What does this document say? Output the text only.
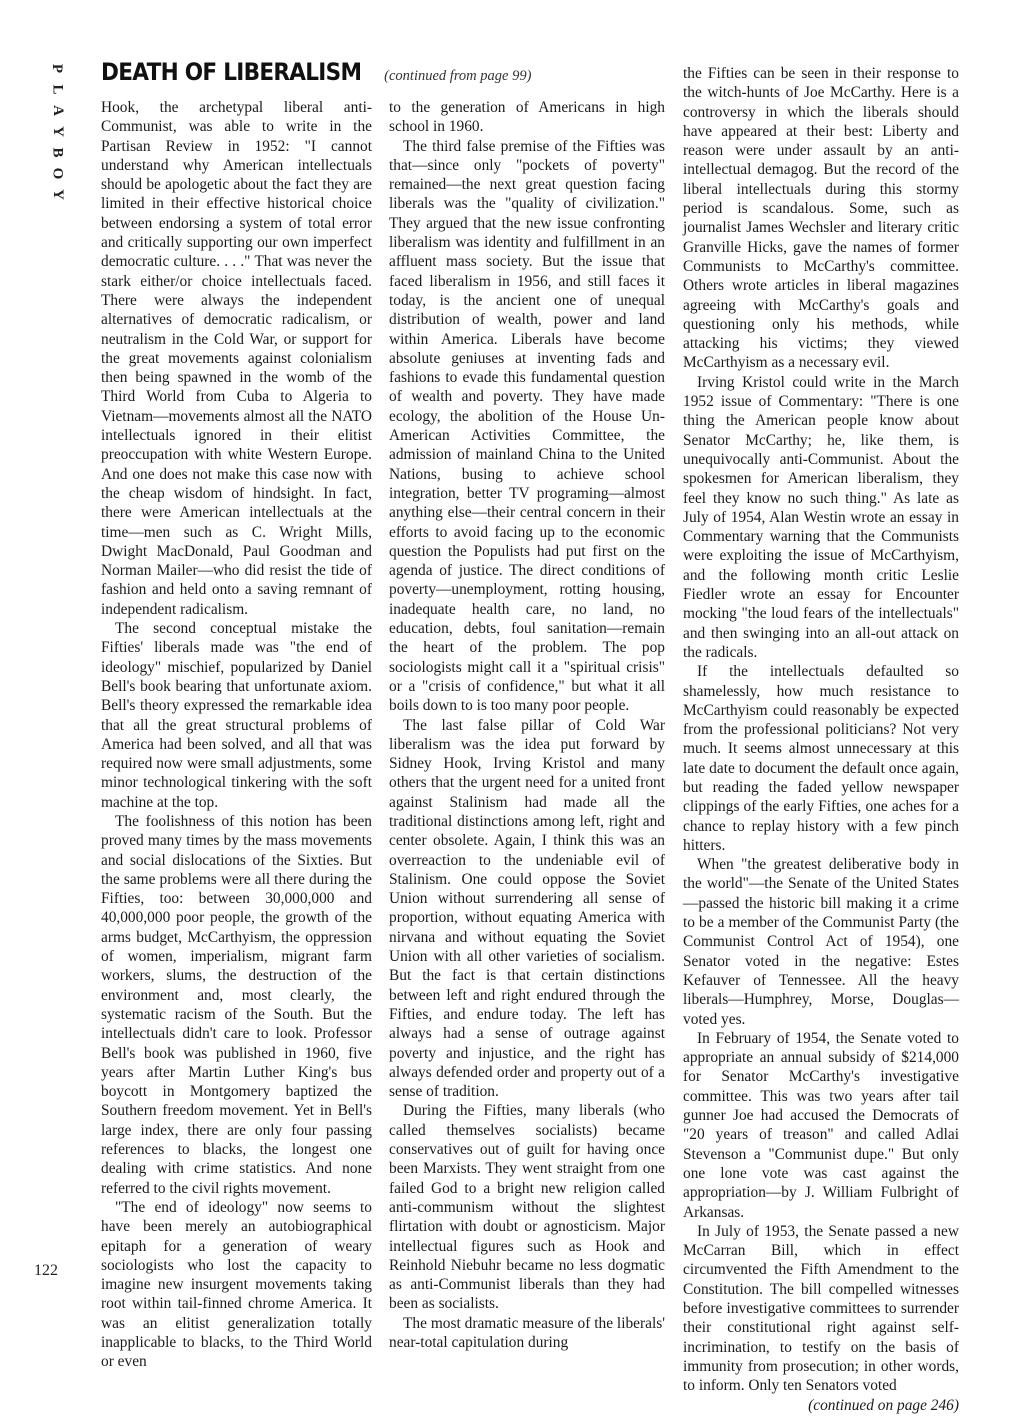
P
L
A
Y
B
O
Y
122
DEATH OF LIBERALISM (continued from page 99)

Hook, the archetypal liberal anti-Communist, was able to write in the Partisan Review in 1952: "I cannot understand why American intellectuals should be apologetic about the fact they are limited in their effective historical choice between endorsing a system of total error and critically supporting our own imperfect democratic culture. . . ." That was never the stark either/or choice intellectuals faced. There were always the independent alternatives of democratic radicalism, or neutralism in the Cold War, or support for the great movements against colonialism then being spawned in the womb of the Third World from Cuba to Algeria to Vietnam—movements almost all the NATO intellectuals ignored in their elitist preoccupation with white Western Europe. And one does not make this case now with the cheap wisdom of hindsight. In fact, there were American intellectuals at the time—men such as C. Wright Mills, Dwight MacDonald, Paul Goodman and Norman Mailer—who did resist the tide of fashion and held onto a saving remnant of independent radicalism.

The second conceptual mistake the Fifties' liberals made was "the end of ideology" mischief, popularized by Daniel Bell's book bearing that unfortunate axiom. Bell's theory expressed the remarkable idea that all the great structural problems of America had been solved, and all that was required now were small adjustments, some minor technological tinkering with the soft machine at the top.

The foolishness of this notion has been proved many times by the mass movements and social dislocations of the Sixties. But the same problems were all there during the Fifties, too: between 30,000,000 and 40,000,000 poor people, the growth of the arms budget, McCarthyism, the oppression of women, imperialism, migrant farm workers, slums, the destruction of the environment and, most clearly, the systematic racism of the South. But the intellectuals didn't care to look. Professor Bell's book was published in 1960, five years after Martin Luther King's bus boycott in Montgomery baptized the Southern freedom movement. Yet in Bell's large index, there are only four passing references to blacks, the longest one dealing with crime statistics. And none referred to the civil rights movement.

"The end of ideology" now seems to have been merely an autobiographical epitaph for a generation of weary sociologists who lost the capacity to imagine new insurgent movements taking root within tail-finned chrome America. It was an elitist generalization totally inapplicable to blacks, to the Third World or even

to the generation of Americans in high school in 1960.

The third false premise of the Fifties was that—since only "pockets of poverty" remained—the next great question facing liberals was the "quality of civilization." They argued that the new issue confronting liberalism was identity and fulfillment in an affluent mass society. But the issue that faced liberalism in 1956, and still faces it today, is the ancient one of unequal distribution of wealth, power and land within America. Liberals have become absolute geniuses at inventing fads and fashions to evade this fundamental question of wealth and poverty. They have made ecology, the abolition of the House Un-American Activities Committee, the admission of mainland China to the United Nations, busing to achieve school integration, better TV programing—almost anything else—their central concern in their efforts to avoid facing up to the economic question the Populists had put first on the agenda of justice. The direct conditions of poverty—unemployment, rotting housing, inadequate health care, no land, no education, debts, foul sanitation—remain the heart of the problem. The pop sociologists might call it a "spiritual crisis" or a "crisis of confidence," but what it all boils down to is too many poor people.

The last false pillar of Cold War liberalism was the idea put forward by Sidney Hook, Irving Kristol and many others that the urgent need for a united front against Stalinism had made all the traditional distinctions among left, right and center obsolete. Again, I think this was an overreaction to the undeniable evil of Stalinism. One could oppose the Soviet Union without surrendering all sense of proportion, without equating America with nirvana and without equating the Soviet Union with all other varieties of socialism. But the fact is that certain distinctions between left and right endured through the Fifties, and endure today. The left has always had a sense of outrage against poverty and injustice, and the right has always defended order and property out of a sense of tradition.

During the Fifties, many liberals (who called themselves socialists) became conservatives out of guilt for having once been Marxists. They went straight from one failed God to a bright new religion called anti-communism without the slightest flirtation with doubt or agnosticism. Major intellectual figures such as Hook and Reinhold Niebuhr became no less dogmatic as anti-Communist liberals than they had been as socialists.

The most dramatic measure of the liberals' near-total capitulation during

the Fifties can be seen in their response to the witch-hunts of Joe McCarthy. Here is a controversy in which the liberals should have appeared at their best: Liberty and reason were under assault by an anti-intellectual demagog. But the record of the liberal intellectuals during this stormy period is scandalous. Some, such as journalist James Wechsler and literary critic Granville Hicks, gave the names of former Communists to McCarthy's committee. Others wrote articles in liberal magazines agreeing with McCarthy's goals and questioning only his methods, while attacking his victims; they viewed McCarthyism as a necessary evil.

Irving Kristol could write in the March 1952 issue of Commentary: "There is one thing the American people know about Senator McCarthy; he, like them, is unequivocally anti-Communist. About the spokesmen for American liberalism, they feel they know no such thing." As late as July of 1954, Alan Westin wrote an essay in Commentary warning that the Communists were exploiting the issue of McCarthyism, and the following month critic Leslie Fiedler wrote an essay for Encounter mocking "the loud fears of the intellectuals" and then swinging into an all-out attack on the radicals.

If the intellectuals defaulted so shamelessly, how much resistance to McCarthyism could reasonably be expected from the professional politicians? Not very much. It seems almost unnecessary at this late date to document the default once again, but reading the faded yellow newspaper clippings of the early Fifties, one aches for a chance to replay history with a few pinch hitters.

When "the greatest deliberative body in the world"—the Senate of the United States—passed the historic bill making it a crime to be a member of the Communist Party (the Communist Control Act of 1954), one Senator voted in the negative: Estes Kefauver of Tennessee. All the heavy liberals—Humphrey, Morse, Douglas—voted yes.

In February of 1954, the Senate voted to appropriate an annual subsidy of $214,000 for Senator McCarthy's investigative committee. This was two years after tail gunner Joe had accused the Democrats of "20 years of treason" and called Adlai Stevenson a "Communist dupe." But only one lone vote was cast against the appropriation—by J. William Fulbright of Arkansas.

In July of 1953, the Senate passed a new McCarran Bill, which in effect circumvented the Fifth Amendment to the Constitution. The bill compelled witnesses before investigative committees to surrender their constitutional right against self-incrimination, to testify on the basis of immunity from prosecution; in other words, to inform. Only ten Senators voted

(continued on page 246)
